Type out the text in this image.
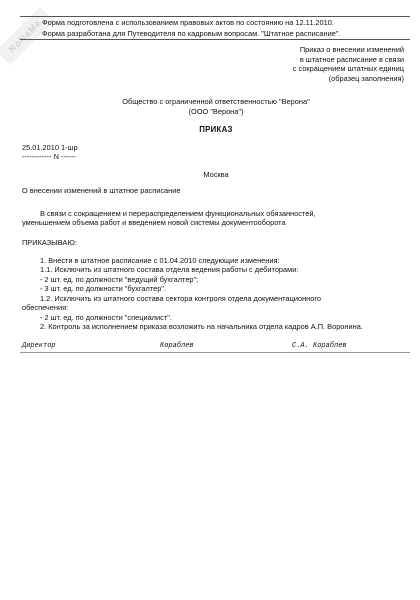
NoNaMe
Форма подготовлена с использованием правовых актов по состоянию на 12.11.2010.
Форма разработана для Путеводителя по кадровым вопросам. "Штатное расписание".
Приказ о внесении изменений
в штатное расписание в связи
с сокращением штатных единиц
(образец заполнения)
Общество с ограниченной ответственностью "Верона"
(ООО "Верона")
ПРИКАЗ
25.01.2010 1-шр
------------ N ------
Москва
О внесении изменений в штатное расписание
В связи с сокращением и перераспределением функциональных обязанностей,
уменьшением объема работ и введением новой системы документооборота
ПРИКАЗЫВАЮ:
1. Внести в штатное расписание с 01.04.2010 следующие изменения:
1.1. Исключить из штатного состава отдела ведения работы с дебиторами:
- 2 шт. ед. по должности "ведущий бухгалтер";
- 3 шт. ед. по должности "бухгалтер".
1.2. Исключить из штатного состава сектора контроля отдела документационного
обеспечения:
- 2 шт. ед. по должности "специалист".
2. Контроль за исполнением приказа возложить на начальника отдела кадров А.П. Воронина.
Директор	Кораблев	С.А. Кораблев
